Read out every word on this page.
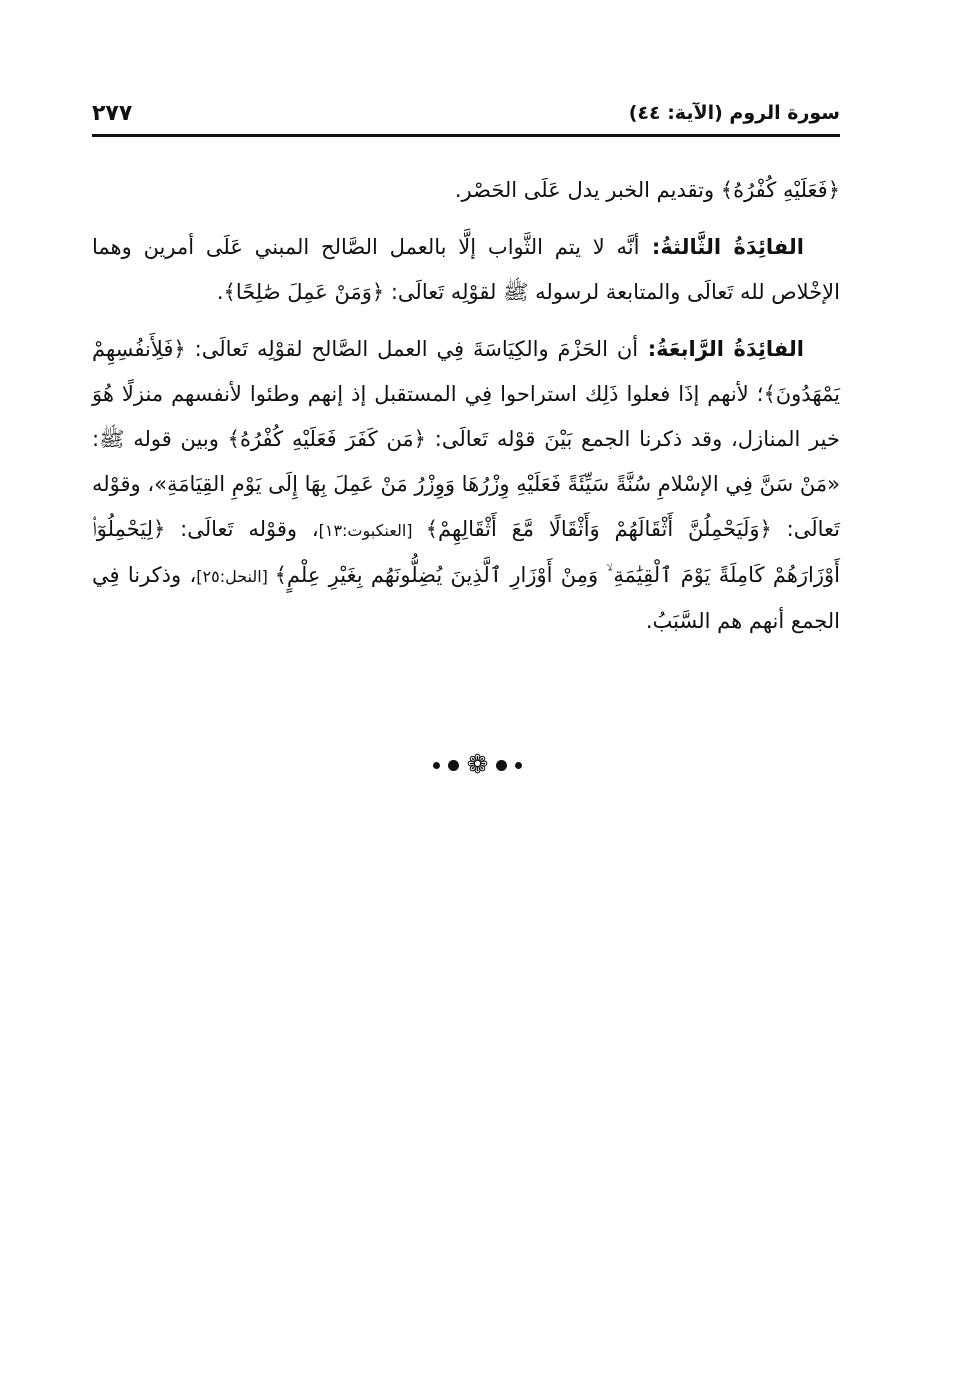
سورة الروم (الآية: ٤٤)
٢٧٧

﴿فَعَلَيْهِ كُفْرُهُ﴾ وتقديم الخبر يدل عَلَى الحَصْر.

الفائِدَةُ الثَّالثةُ: أنَّه لا يتم الثَّواب إلَّا بالعمل الصَّالح المبني عَلَى أمرين وهما الإخْلاص لله تَعالَى والمتابعة لرسوله ﷺ لقوْلِه تَعالَى: ﴿وَمَنْ عَمِلَ صَٰلِحًا﴾.

الفائِدَةُ الرَّابعَةُ: أن الحَزْمَ والكِيَاسَةَ فِي العمل الصَّالح لقوْلِه تَعالَى: ﴿فَلِأَنفُسِهِمْ يَمْهَدُونَ﴾؛ لأنهم إذَا فعلوا ذَلِك استراحوا فِي المستقبل إذ إنهم وطئوا لأنفسهم منزلًا هُوَ خير المنازل، وقد ذكرنا الجمع بَيْنَ قوْله تَعالَى: ﴿مَن كَفَرَ فَعَلَيْهِ كُفْرُهُ﴾ وبين قوله ﷺ: «مَنْ سَنَّ فِي الإسْلامِ سُنَّةً سَيِّئَةً فَعَلَيْهِ وِزْرُهَا وَوِزْرُ مَنْ عَمِلَ بِهَا إِلَى يَوْمِ القِيَامَةِ»، وقوْله تَعالَى: ﴿وَلَيَحْمِلُنَّ أَثْقَالَهُمْ وَأَثْقَالًا مَّعَ أَثْقَالِهِمْ﴾ [العنكبوت:١٣]، وقوْله تَعالَى: ﴿لِيَحْمِلُوٓا۟ أَوْزَارَهُمْ كَامِلَةً يَوْمَ ٱلْقِيَٰمَةِ ۙ وَمِنْ أَوْزَارِ ٱلَّذِينَ يُضِلُّونَهُم بِغَيْرِ عِلْمٍ﴾ [النحل:٢٥]، وذكرنا فِي الجمع أنهم هم السَّبَبُ.

❁
